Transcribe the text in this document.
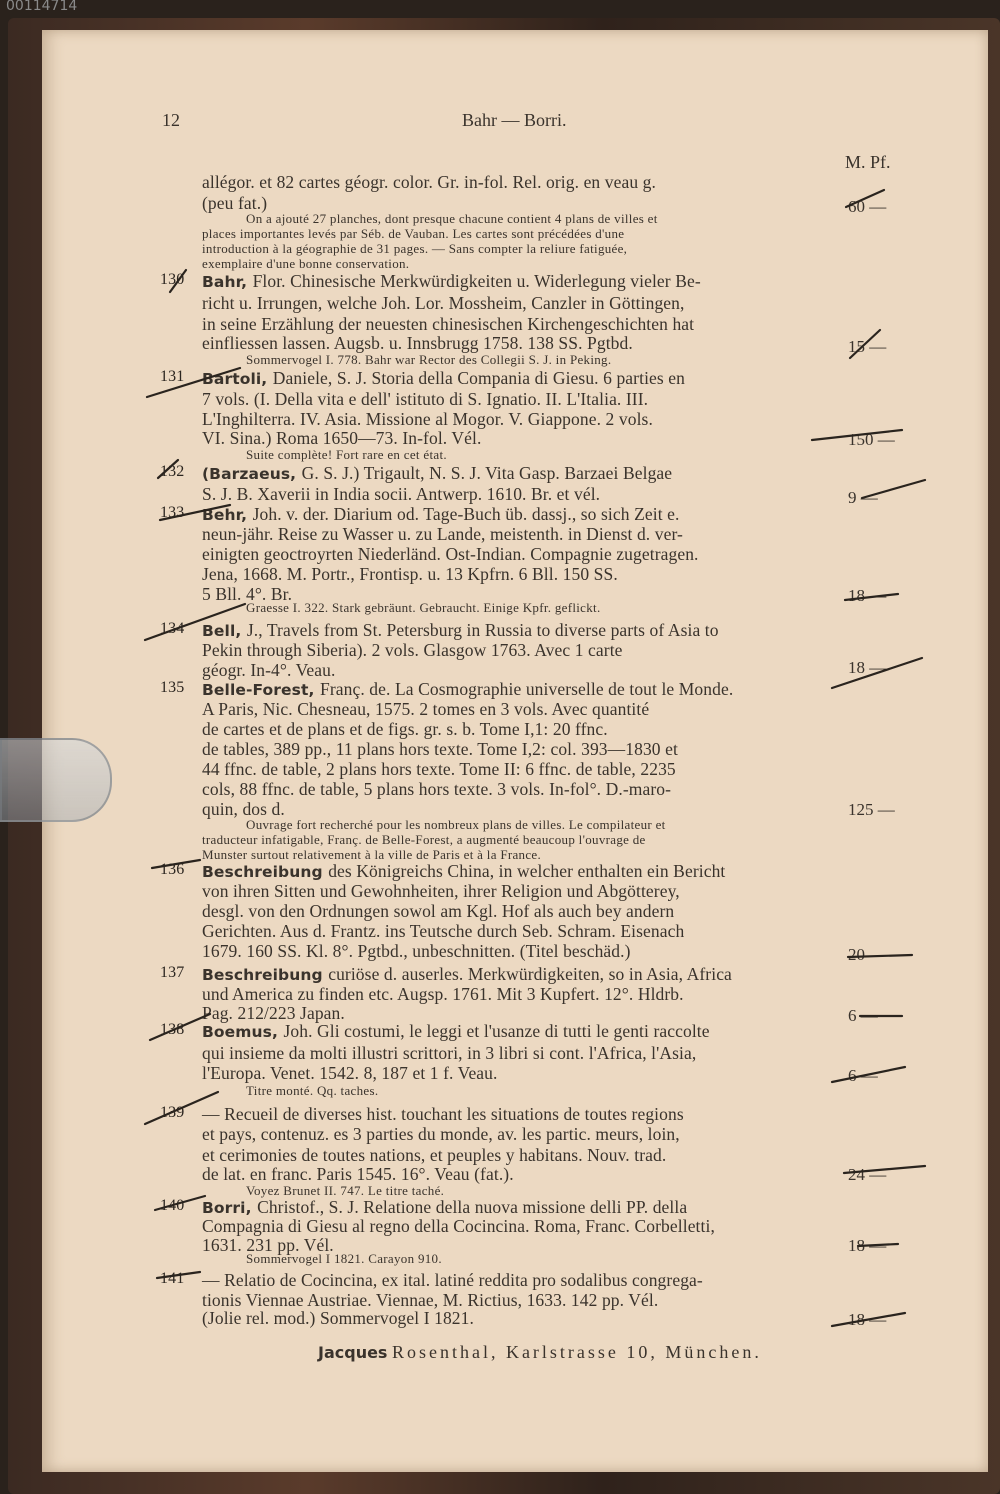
00114714
12	Bahr — Borri.
M. Pf.
allégor. et 82 cartes géogr. color. Gr. in-fol. Rel. orig. en veau g.
(peu fat.)
On a ajouté 27 planches, dont presque chacune contient 4 plans de villes et
places importantes levés par Séb. de Vauban. Les cartes sont précédées d'une
introduction à la géographie de 31 pages. — Sans compter la reliure fatiguée,
exemplaire d'une bonne conservation.
130 Bahr, Flor. Chinesische Merkwürdigkeiten u. Widerlegung vieler Be-
richt u. Irrungen, welche Joh. Lor. Mossheim, Canzler in Göttingen,
in seine Erzählung der neuesten chinesischen Kirchengeschichten hat
einfliessen lassen. Augsb. u. Innsbrugg 1758. 138 SS. Pgtbd.
Sommervogel I. 778. Bahr war Rector des Collegii S. J. in Peking.
131 Bartoli, Daniele, S. J. Storia della Compania di Giesu. 6 parties en
7 vols. (I. Della vita e dell' istituto di S. Ignatio. II. L'Italia. III.
L'Inghilterra. IV. Asia. Missione al Mogor. V. Giappone. 2 vols.
VI. Sina.) Roma 1650—73. In-fol. Vél.
Suite complète! Fort rare en cet état.
132 (Barzaeus, G. S. J.) Trigault, N. S. J. Vita Gasp. Barzaei Belgae
S. J. B. Xaverii in India socii. Antwerp. 1610. Br. et vél.
133 Behr, Joh. v. der. Diarium od. Tage-Buch üb. dassj., so sich Zeit e.
neun-jähr. Reise zu Wasser u. zu Lande, meistenth. in Dienst d. ver-
einigten geoctroyrten Niederländ. Ost-Indian. Compagnie zugetragen.
Jena, 1668. M. Portr., Frontisp. u. 13 Kpfrn. 6 Bll. 150 SS.
5 Bll. 4°. Br.
Graesse I. 322. Stark gebräunt. Gebraucht. Einige Kpfr. geflickt.
134 Bell, J., Travels from St. Petersburg in Russia to diverse parts of Asia to
Pekin through Siberia). 2 vols. Glasgow 1763. Avec 1 carte
géogr. In-4°. Veau.
135 Belle-Forest, Franç. de. La Cosmographie universelle de tout le Monde.
A Paris, Nic. Chesneau, 1575. 2 tomes en 3 vols. Avec quantité
de cartes et de plans et de figs. gr. s. b. Tome I,1: 20 ffnc.
de tables, 389 pp., 11 plans hors texte. Tome I,2: col. 393—1830 et
44 ffnc. de table, 2 plans hors texte. Tome II: 6 ffnc. de table, 2235
cols, 88 ffnc. de table, 5 plans hors texte. 3 vols. In-fol°. D.-maro-
quin, dos d.
Ouvrage fort recherché pour les nombreux plans de villes. Le compilateur et
traducteur infatigable, Franç. de Belle-Forest, a augmenté beaucoup l'ouvrage de
Munster surtout relativement à la ville de Paris et à la France.
136 Beschreibung des Königreichs China, in welcher enthalten ein Bericht
von ihren Sitten und Gewohnheiten, ihrer Religion und Abgötterey,
desgl. von den Ordnungen sowol am Kgl. Hof als auch bey andern
Gerichten. Aus d. Frantz. ins Teutsche durch Seb. Schram. Eisenach
1679. 160 SS. Kl. 8°. Pgtbd., unbeschnitten. (Titel beschäd.)
137 Beschreibung curiöse d. auserles. Merkwürdigkeiten, so in Asia, Africa
und America zu finden etc. Augsp. 1761. Mit 3 Kupfert. 12°. Hldrb.
Pag. 212/223 Japan.
138 Boemus, Joh. Gli costumi, le leggi et l'usanze di tutti le genti raccolte
qui insieme da molti illustri scrittori, in 3 libri si cont. l'Africa, l'Asia,
l'Europa. Venet. 1542. 8, 187 et 1 f. Veau.
Titre monté. Qq. taches.
139 — Recueil de diverses hist. touchant les situations de toutes regions
et pays, contenuz. es 3 parties du monde, av. les partic. meurs, loin,
et cerimonies de toutes nations, et peuples y habitans. Nouv. trad.
de lat. en franc. Paris 1545. 16°. Veau (fat.).
Voyez Brunet II. 747. Le titre taché.
140 Borri, Christof., S. J. Relatione della nuova missione delli PP. della
Compagnia di Giesu al regno della Cocincina. Roma, Franc. Corbelletti,
1631. 231 pp. Vél.
Sommervogel I 1821. Carayon 910.
141 — Relatio de Cocincina, ex ital. latiné reddita pro sodalibus congrega-
tionis Viennae Austriae. Viennae, M. Rictius, 1633. 142 pp. Vél.
(Jolie rel. mod.) Sommervogel I 1821.
60 —
15 —
150 —
9 —
18 —
18 —
125 —
20 —
6 —
6 —
24 —
18 —
18 —
Jacques Rosenthal, Karlstrasse 10, München.
